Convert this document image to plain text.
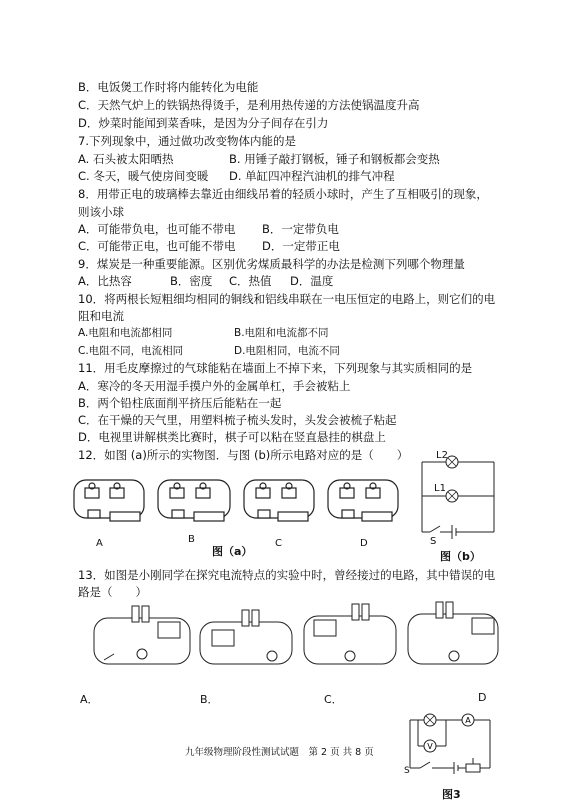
B．电饭煲工作时将内能转化为电能
C．天然气炉上的铁锅热得烫手，是利用热传递的方法使锅温度升高
D．炒菜时能闻到菜香味，是因为分子间存在引力
7.下列现象中，通过做功改变物体内能的是
A. 石头被太阳晒热	B. 用锤子敲打钢板，锤子和钢板都会变热
C. 冬天，暖气使房间变暖 D. 单缸四冲程汽油机的排气冲程
8．用带正电的玻璃棒去靠近由细线吊着的轻质小球时，产生了互相吸引的现象，
则该小球
A．可能带负电，也可能不带电 B．一定带负电
C．可能带正电，也可能不带电 D．一定带正电
9．煤炭是一种重要能源。区别优劣煤质最科学的办法是检测下列哪个物理量
A．比热容	B．密度 C．热值 D．温度
10．将两根长短粗细均相同的铜线和铝线串联在一电压恒定的电路上，则它们的电
阻和电流
A.电阻和电流都相同	B.电阻和电流都不同
C.电阻不同，电流相同	D.电阻相同，电流不同
11．用毛皮摩擦过的气球能粘在墙面上不掉下来，下列现象与其实质相同的是
A．寒冷的冬天用湿手摸户外的金属单杠，手会被粘上
B．两个铅柱底面削平挤压后能粘在一起
C．在干燥的天气里，用塑料梳子梳头发时，头发会被梳子粘起
D．电视里讲解棋类比赛时，棋子可以粘在竖直悬挂的棋盘上
12．如图 (a)所示的实物图．与图 (b)所示电路对应的是（　　）
A	B	C	D
图（a）
L2
L1
S
图（b）
13．如图是小刚同学在探究电流特点的实验中时，曾经接过的电路，其中错误的电
路是（　　）
A．	B．	C．	D
A
V
S
图3
九年级物理阶段性测试试题　第 2 页 共 8 页
